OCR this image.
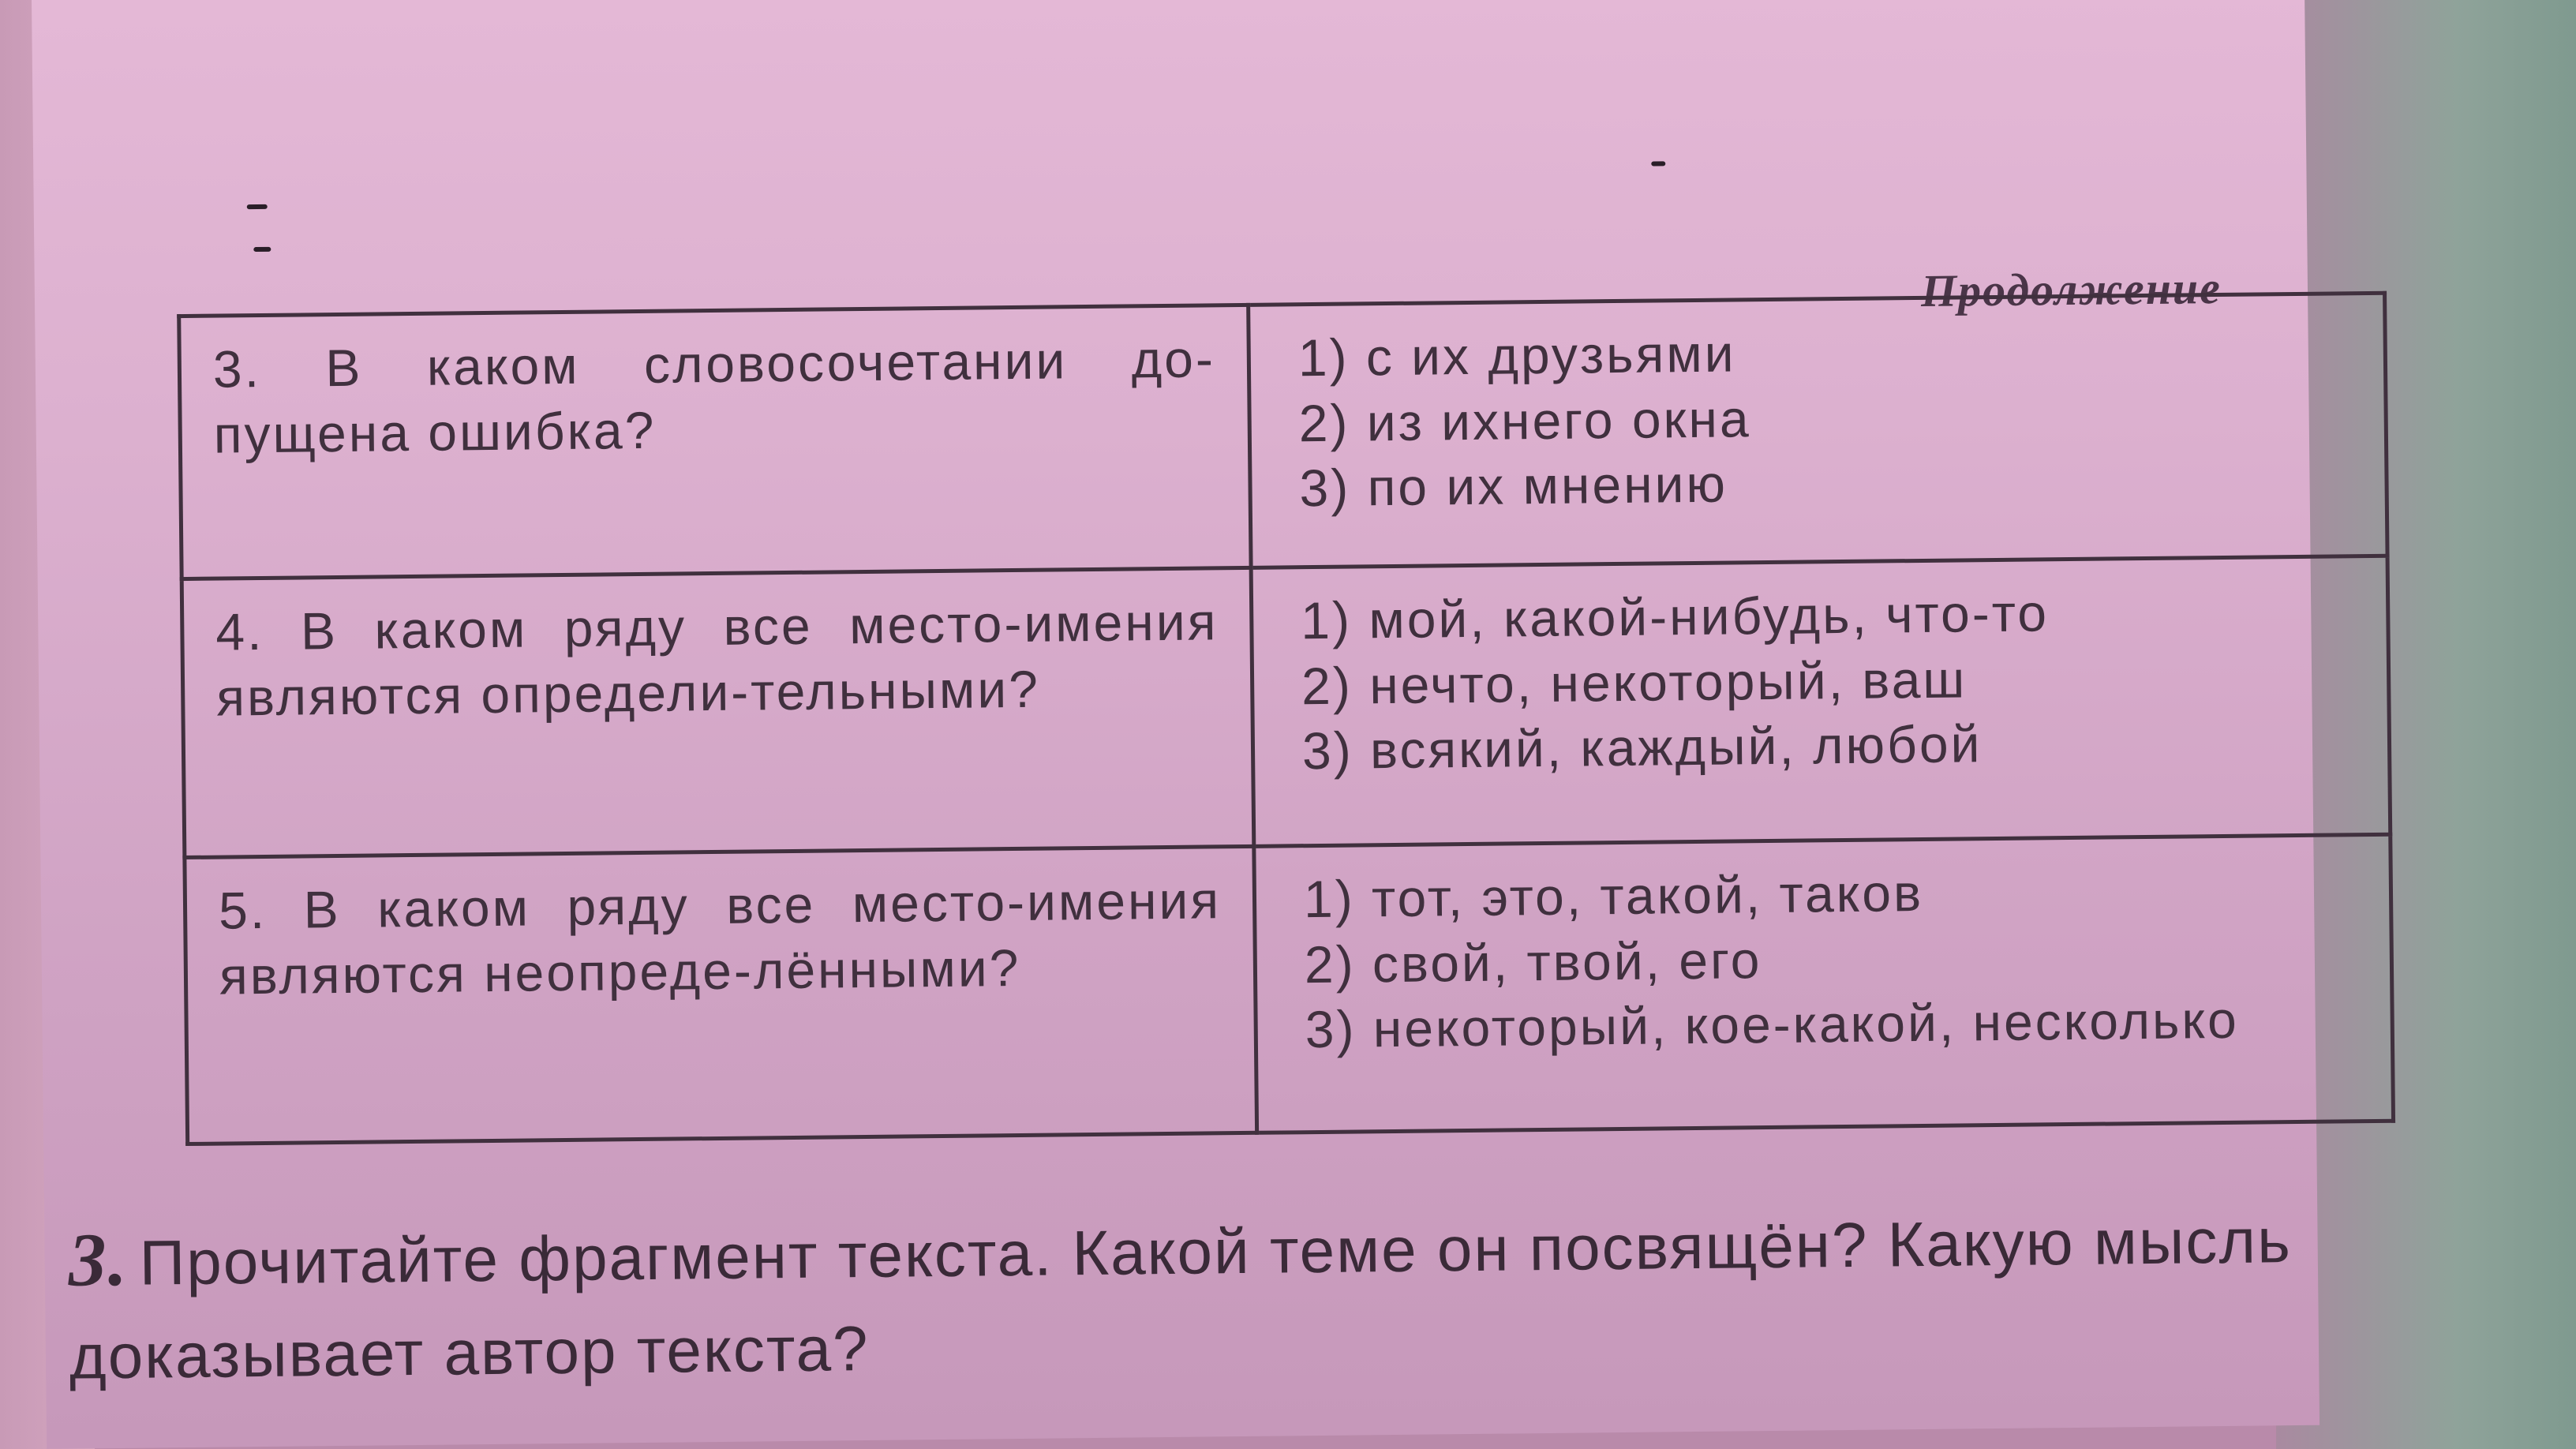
Продолжение
3. В каком словосочетании до-пущена ошибка?	1) с их друзьями
2) из ихнего окна
3) по их мнению

4. В каком ряду все место-имения являются определи-тельными?	1) мой, какой-нибудь, что-то
2) нечто, некоторый, ваш
3) всякий, каждый, любой

5. В каком ряду все место-имения являются неопреде-лёнными?	1) тот, это, такой, таков
2) свой, твой, его
3) некоторый, кое-какой, несколько
3. Прочитайте фрагмент текста. Какой теме он посвящён? Какую мысль доказывает автор текста?
